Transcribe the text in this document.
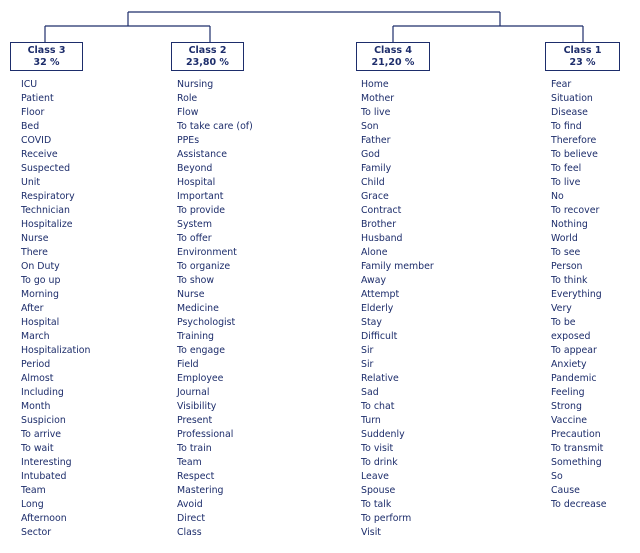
Class 3
32 %
ICU
Patient
Floor
Bed
COVID
Receive
Suspected
Unit
Respiratory
Technician
Hospitalize
Nurse
There
On Duty
To go up
Morning
After
Hospital
March
Hospitalization
Period
Almost
Including
Month
Suspicion
To arrive
To wait
Interesting
Intubated
Team
Long
Afternoon
Sector
Class 2
23,80 %
Nursing
Role
Flow
To take care (of)
PPEs
Assistance
Beyond
Hospital
Important
To provide
System
To offer
Environment
To organize
To show
Nurse
Medicine
Psychologist
Training
To engage
Field
Employee
Journal
Visibility
Present
Professional
To train
Team
Respect
Mastering
Avoid
Direct
Class
Class 4
21,20 %
Home
Mother
To live
Son
Father
God
Family
Child
Grace
Contract
Brother
Husband
Alone
Family member
Away
Attempt
Elderly
Stay
Difficult
Sir
Sir
Relative
Sad
To chat
Turn
Suddenly
To visit
To drink
Leave
Spouse
To talk
To perform
Visit
Class 1
23 %
Fear
Situation
Disease
To find
Therefore
To believe
To feel
To live
No
To recover
Nothing
World
To see
Person
To think
Everything
Very
To be
exposed
To appear
Anxiety
Pandemic
Feeling
Strong
Vaccine
Precaution
To transmit
Something
So
Cause
To decrease
